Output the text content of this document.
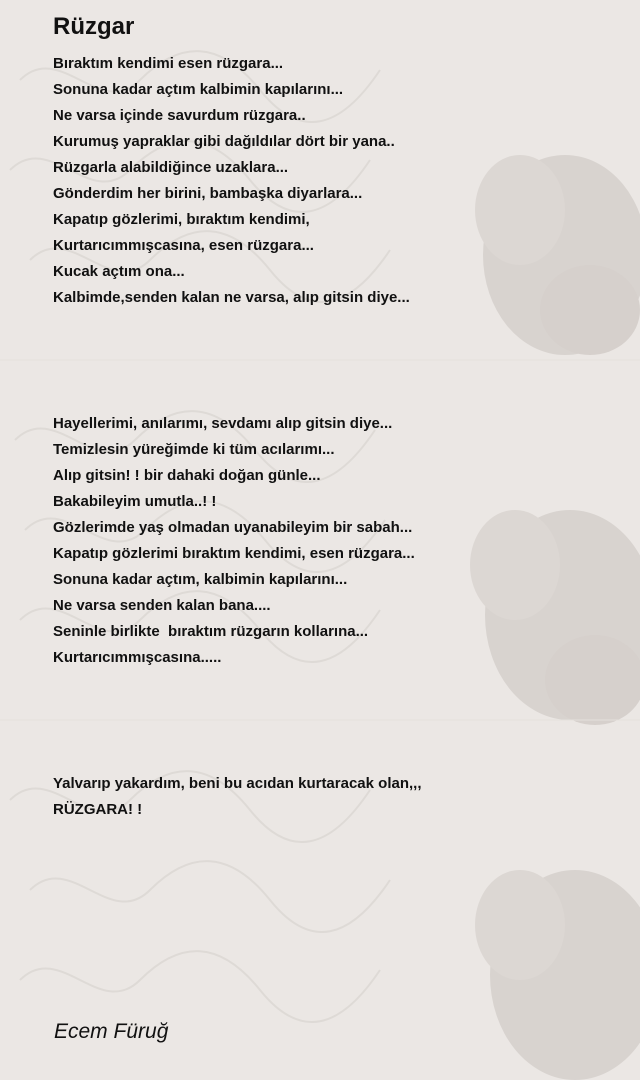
Rüzgar
Bıraktım kendimi esen rüzgara...
Sonuna kadar açtım kalbimin kapılarını...
Ne varsa içinde savurdum rüzgara..
Kurumuş yapraklar gibi dağıldılar dört bir yana..
Rüzgarla alabildiğince uzaklara...
Gönderdim her birini, bambaşka diyarlara...
Kapatıp gözlerimi, bıraktım kendimi,
Kurtarıcımmışcasına, esen rüzgara...
Kucak açtım ona...
Kalbimde,senden kalan ne varsa, alıp gitsin diye...
Hayellerimi, anılarımı, sevdamı alıp gitsin diye...
Temizlesin yüreğimde ki tüm acılarımı...
Alıp gitsin! ! bir dahaki doğan günle...
Bakabileyim umutla..! !
Gözlerimde yaş olmadan uyanabileyim bir sabah...
Kapatıp gözlerimi bıraktım kendimi, esen rüzgara...
Sonuna kadar açtım, kalbimin kapılarını...
Ne varsa senden kalan bana....
Seninle birlikte  bıraktım rüzgarın kollarına...
Kurtarıcımmışcasına.....
Yalvarıp yakardım, beni bu acıdan kurtaracak olan,,,
RÜZGARA! !

Ecem Füruğ
